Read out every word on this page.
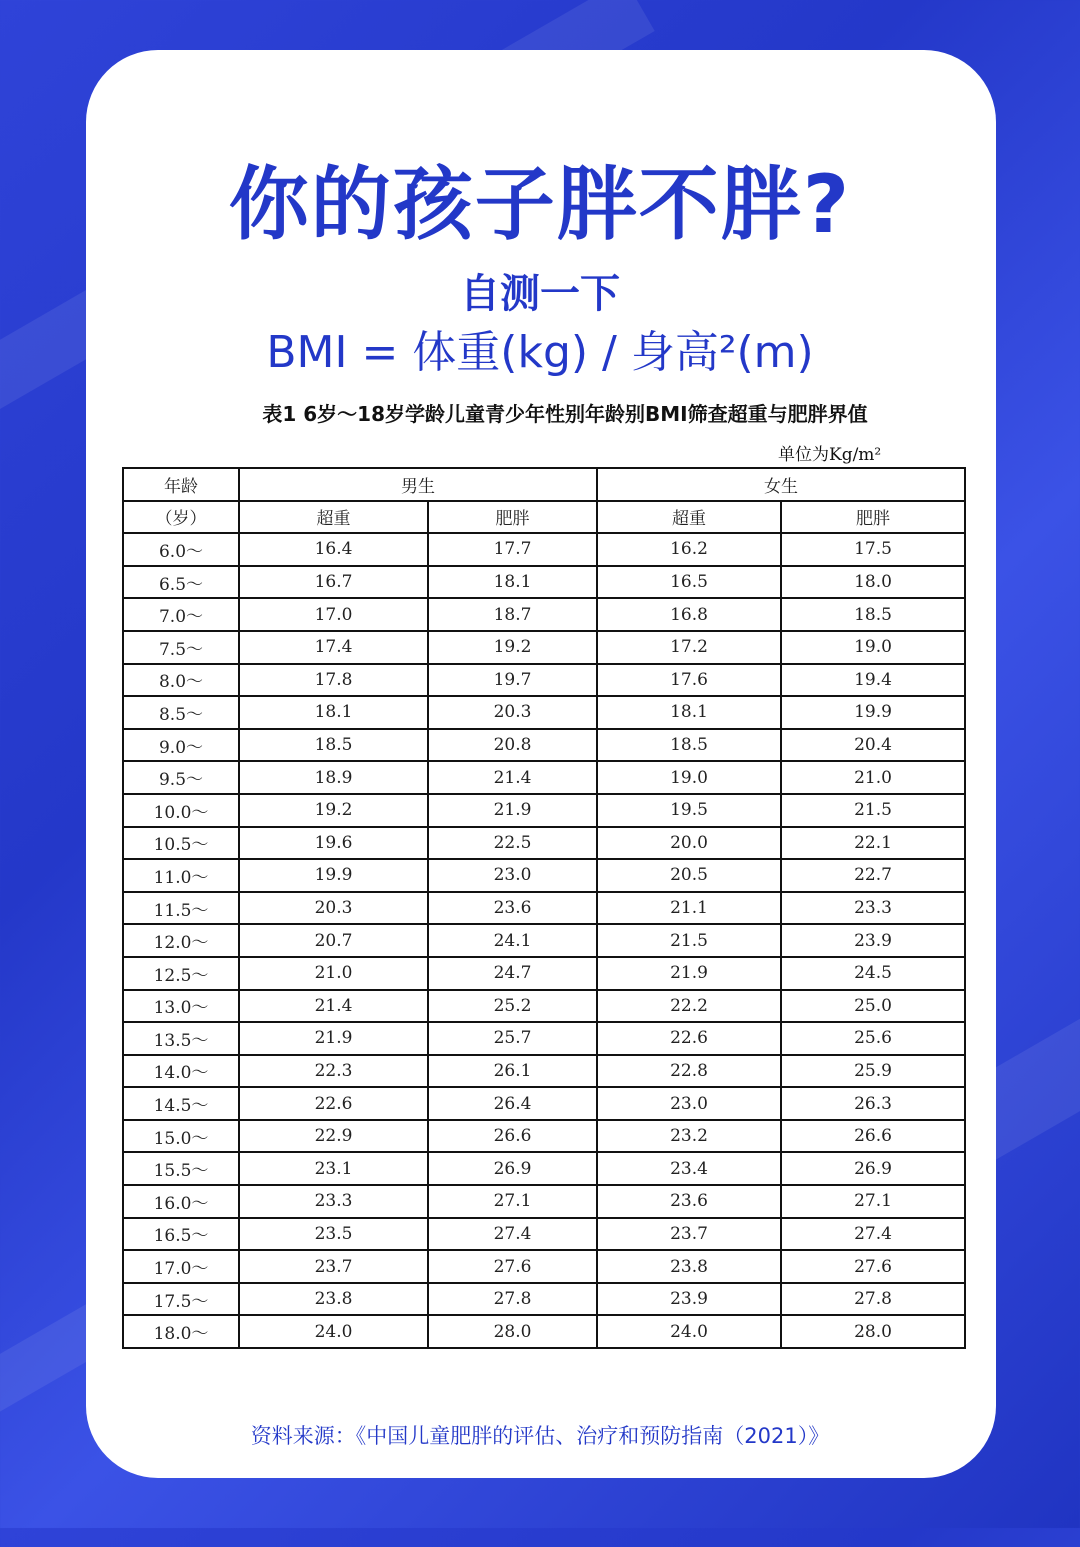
你的孩子胖不胖?
自测一下
BMI = 体重(kg) / 身高²(m)
表1 6岁～18岁学龄儿童青少年性别年龄别BMI筛查超重与肥胖界值
单位为Kg/m²
年龄	男生		女生	
（岁）	超重	肥胖	超重	肥胖
6.0～	16.4	17.7	16.2	17.5
6.5～	16.7	18.1	16.5	18.0
7.0～	17.0	18.7	16.8	18.5
7.5～	17.4	19.2	17.2	19.0
8.0～	17.8	19.7	17.6	19.4
8.5～	18.1	20.3	18.1	19.9
9.0～	18.5	20.8	18.5	20.4
9.5～	18.9	21.4	19.0	21.0
10.0～	19.2	21.9	19.5	21.5
10.5～	19.6	22.5	20.0	22.1
11.0～	19.9	23.0	20.5	22.7
11.5～	20.3	23.6	21.1	23.3
12.0～	20.7	24.1	21.5	23.9
12.5～	21.0	24.7	21.9	24.5
13.0～	21.4	25.2	22.2	25.0
13.5～	21.9	25.7	22.6	25.6
14.0～	22.3	26.1	22.8	25.9
14.5～	22.6	26.4	23.0	26.3
15.0～	22.9	26.6	23.2	26.6
15.5～	23.1	26.9	23.4	26.9
16.0～	23.3	27.1	23.6	27.1
16.5～	23.5	27.4	23.7	27.4
17.0～	23.7	27.6	23.8	27.6
17.5～	23.8	27.8	23.9	27.8
18.0～	24.0	28.0	24.0	28.0
资料来源：《中国儿童肥胖的评估、治疗和预防指南（2021）》
